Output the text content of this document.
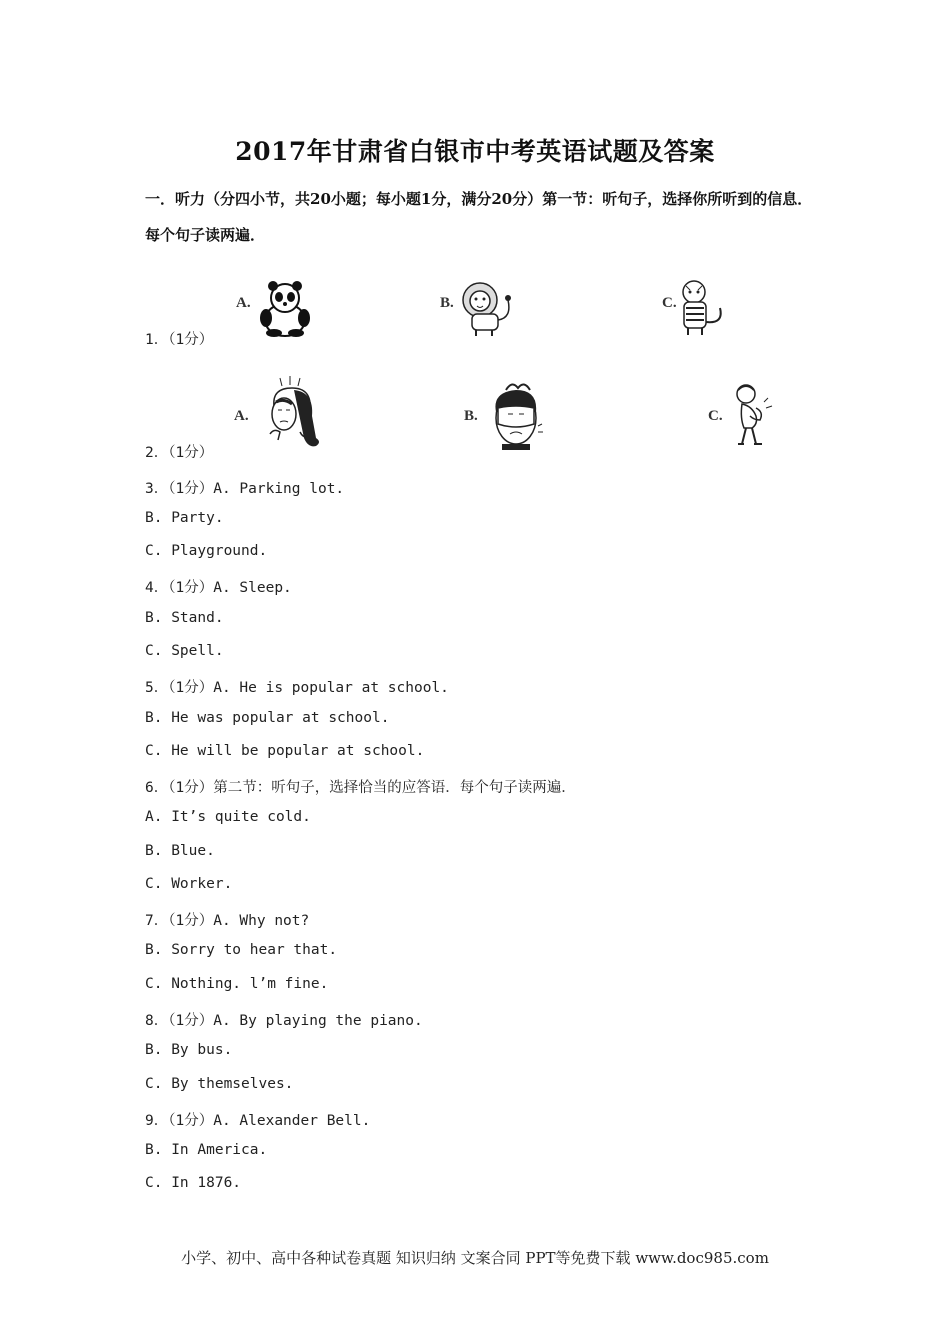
2017年甘肃省白银市中考英语试题及答案
一．听力（分四小节，共20小题；每小题1分，满分20分）第一节：听句子，选择你所听到的信息．每个句子读两遍．
A.	B.	C.
1．（1分）
A.	B.	C.
2．（1分）
3．（1分）A. Parking lot.
B. Party.
C. Playground.
4．（1分）A. Sleep.
B. Stand.
C. Spell.
5．（1分）A. He is popular at school.
B. He was popular at school.
C. He will be popular at school.
6．（1分）第二节：听句子，选择恰当的应答语．每个句子读两遍．
A. It’s quite cold.
B. Blue.
C. Worker.
7．（1分）A. Why not?
B. Sorry to hear that.
C. Nothing. l’m fine.
8．（1分）A. By playing the piano.
B. By bus.
C. By themselves.
9．（1分）A. Alexander Bell.
B. In America.
C. In 1876.
小学、初中、高中各种试卷真题 知识归纳 文案合同 PPT等免费下载 www.doc985.com
